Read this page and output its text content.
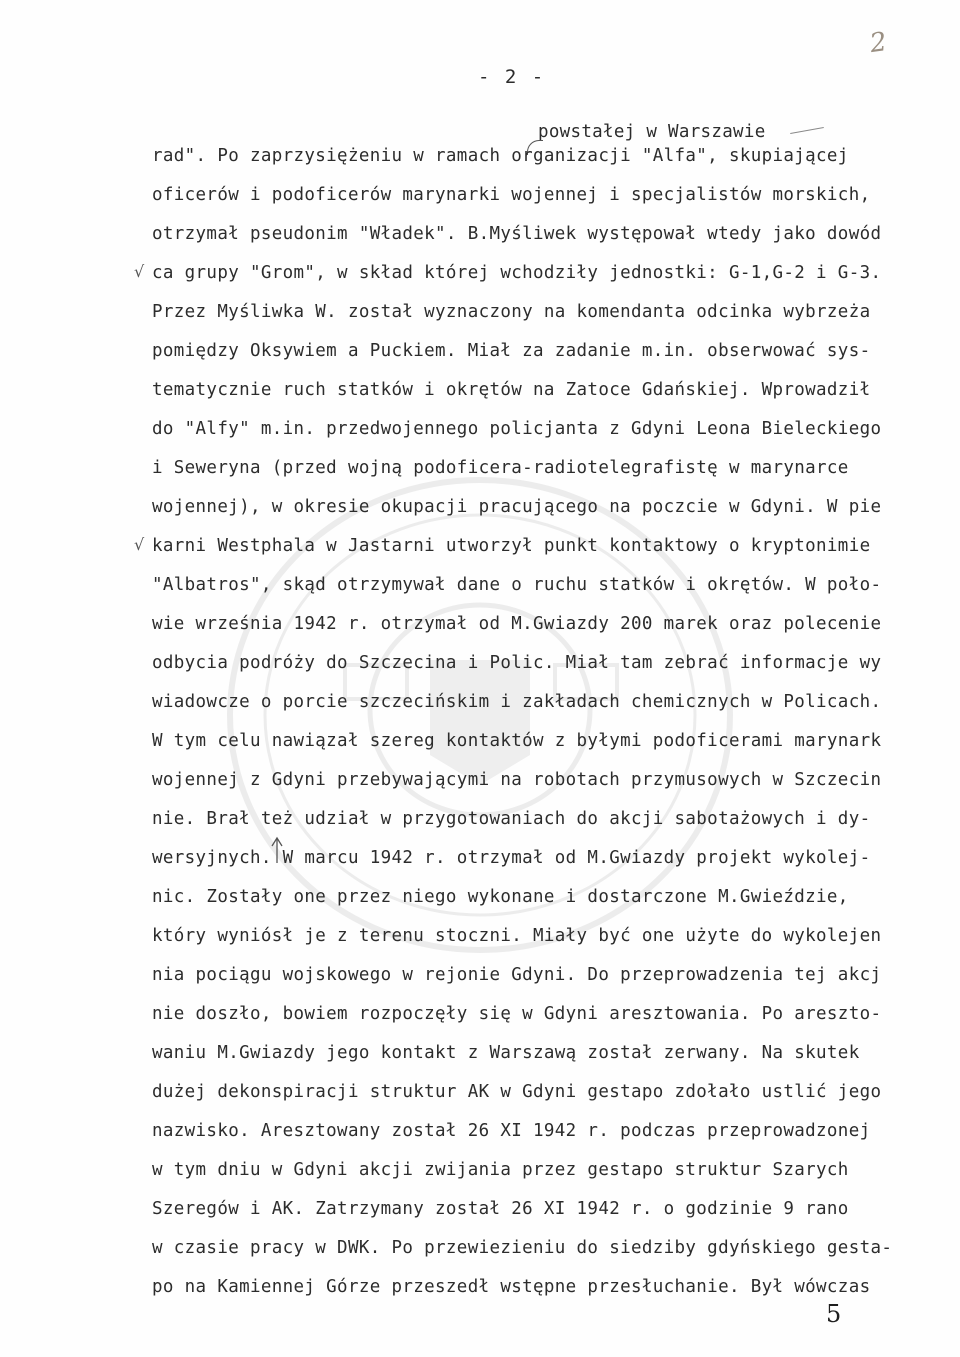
2
- 2 -
powstałej w Warszawie
rad". Po zaprzysiężeniu w ramach organizacji "Alfa", skupiającej
oficerów i podoficerów marynarki wojennej i specjalistów morskich,
otrzymał pseudonim "Władek". B.Myśliwek występował wtedy jako dowód
ca grupy "Grom", w skład której wchodziły jednostki: G-1,G-2 i G-3.
Przez Myśliwka W. został wyznaczony na komendanta odcinka wybrzeża
pomiędzy Oksywiem a Puckiem. Miał za zadanie m.in. obserwować sys-
tematycznie ruch statków i okrętów na Zatoce Gdańskiej. Wprowadził
do "Alfy" m.in. przedwojennego policjanta z Gdyni Leona Bieleckiego
i Seweryna (przed wojną podoficera-radiotelegrafistę w marynarce
wojennej), w okresie okupacji pracującego na poczcie w Gdyni. W pie
karni Westphala w Jastarni utworzył punkt kontaktowy o kryptonimie
"Albatros", skąd otrzymywał dane o ruchu statków i okrętów. W poło-
wie września 1942 r. otrzymał od M.Gwiazdy 200 marek oraz polecenie
odbycia podróży do Szczecina i Polic. Miał tam zebrać informacje wy
wiadowcze o porcie szczecińskim i zakładach chemicznych w Policach.
W tym celu nawiązał szereg kontaktów z byłymi podoficerami marynark
wojennej z Gdyni przebywającymi na robotach przymusowych w Szczecin
nie. Brał też udział w przygotowaniach do akcji sabotażowych i dy-
wersyjnych. W marcu 1942 r. otrzymał od M.Gwiazdy projekt wykolej-
nic. Zostały one przez niego wykonane i dostarczone M.Gwieździe,
który wyniósł je z terenu stoczni. Miały być one użyte do wykolejen
nia pociągu wojskowego w rejonie Gdyni. Do przeprowadzenia tej akcj
nie doszło, bowiem rozpoczęły się w Gdyni aresztowania. Po areszto-
waniu M.Gwiazdy jego kontakt z Warszawą został zerwany. Na skutek
dużej dekonspiracji struktur AK w Gdyni gestapo zdołało ustlić jego
nazwisko. Aresztowany został 26 XI 1942 r. podczas przeprowadzonej
w tym dniu w Gdyni akcji zwijania przez gestapo struktur Szarych
Szeregów i AK. Zatrzymany został 26 XI 1942 r. o godzinie 9 rano
w czasie pracy w DWK. Po przewiezieniu do siedziby gdyńskiego gesta-
po na Kamiennej Górze przeszedł wstępne przesłuchanie. Był wówczas
√
√
5
